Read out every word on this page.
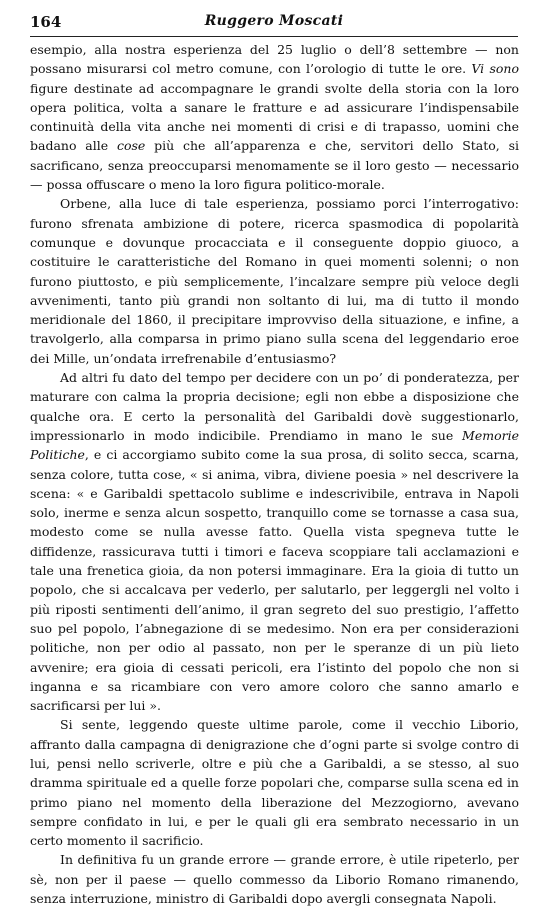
164	Ruggero Moscati

esempio, alla nostra esperienza del 25 luglio o dell’8 settembre — non possano misurarsi col metro comune, con l’orologio di tutte le ore. Vi sono figure destinate ad accompagnare le grandi svolte della storia con la loro opera politica, volta a sanare le fratture e ad assicurare l’indispensabile continuità della vita anche nei momenti di crisi e di trapasso, uomini che badano alle cose più che all’apparenza e che, servitori dello Stato, si sacrificano, senza preoccuparsi menomamente se il loro gesto — necessario — possa offuscare o meno la loro figura politico-morale.

Orbene, alla luce di tale esperienza, possiamo porci l’interrogativo: furono sfrenata ambizione di potere, ricerca spasmodica di popolarità comunque e dovunque procacciata e il conseguente doppio giuoco, a costituire le caratteristiche del Romano in quei momenti solenni; o non furono piuttosto, e più semplicemente, l’incalzare sempre più veloce degli avvenimenti, tanto più grandi non soltanto di lui, ma di tutto il mondo meridionale del 1860, il precipitare improvviso della situazione, e infine, a travolgerlo, alla comparsa in primo piano sulla scena del leggendario eroe dei Mille, un’ondata irrefrenabile d’entusiasmo?

Ad altri fu dato del tempo per decidere con un po’ di ponderatezza, per maturare con calma la propria decisione; egli non ebbe a disposizione che qualche ora. E certo la personalità del Garibaldi dovè suggestionarlo, impressionarlo in modo indicibile. Prendiamo in mano le sue Memorie Politiche, e ci accorgiamo subito come la sua prosa, di solito secca, scarna, senza colore, tutta cose, « si anima, vibra, diviene poesia » nel descrivere la scena: « e Garibaldi spettacolo sublime e indescrivibile, entrava in Napoli solo, inerme e senza alcun sospetto, tranquillo come se tornasse a casa sua, modesto come se nulla avesse fatto. Quella vista spegneva tutte le diffidenze, rassicurava tutti i timori e faceva scoppiare tali acclamazioni e tale una frenetica gioia, da non potersi immaginare. Era la gioia di tutto un popolo, che si accalcava per vederlo, per salutarlo, per leggergli nel volto i più riposti sentimenti dell’animo, il gran segreto del suo prestigio, l’affetto suo pel popolo, l’abnegazione di se medesimo. Non era per considerazioni politiche, non per odio al passato, non per le speranze di un più lieto avvenire; era gioia di cessati pericoli, era l’istinto del popolo che non si inganna e sa ricambiare con vero amore coloro che sanno amarlo e sacrificarsi per lui ».

Si sente, leggendo queste ultime parole, come il vecchio Liborio, affranto dalla campagna di denigrazione che d’ogni parte si svolge contro di lui, pensi nello scriverle, oltre e più che a Garibaldi, a se stesso, al suo dramma spirituale ed a quelle forze popolari che, comparse sulla scena ed in primo piano nel momento della liberazione del Mezzogiorno, avevano sempre confidato in lui, e per le quali gli era sembrato necessario in un certo momento il sacrificio.

In definitiva fu un grande errore — grande errore, è utile ripeterlo, per sè, non per il paese — quello commesso da Liborio Romano rimanendo, senza interruzione, ministro di Garibaldi dopo avergli consegnata Napoli.
